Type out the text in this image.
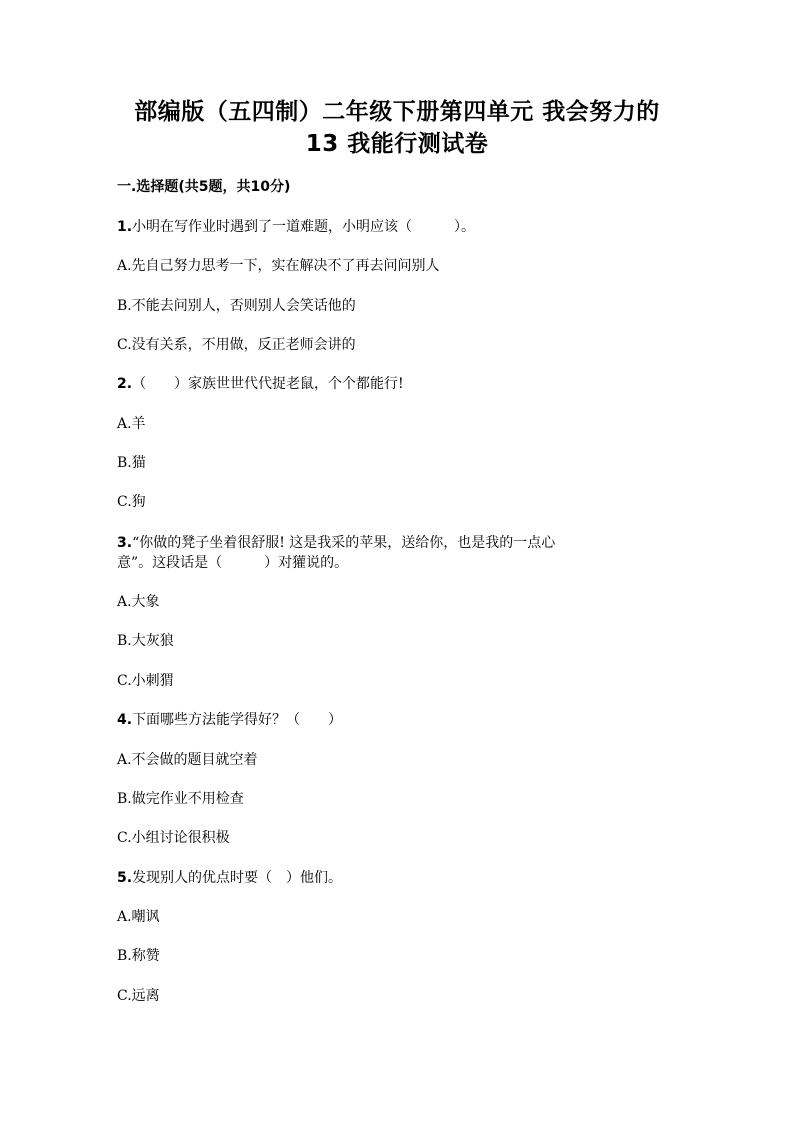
部编版（五四制）二年级下册第四单元 我会努力的
13 我能行测试卷
一.选择题(共5题，共10分)
1.小明在写作业时遇到了一道难题，小明应该（　　　）。
A.先自己努力思考一下，实在解决不了再去问问别人
B.不能去问别人，否则别人会笑话他的
C.没有关系，不用做，反正老师会讲的
2.（　　）家族世世代代捉老鼠，个个都能行!
A.羊
B.猫
C.狗
3.“你做的凳子坐着很舒服! 这是我采的苹果，送给你，也是我的一点心
意”。这段话是（　　　）对獾说的。
A.大象
B.大灰狼
C.小刺猬
4.下面哪些方法能学得好？（　　）
A.不会做的题目就空着
B.做完作业不用检查
C.小组讨论很积极
5.发现别人的优点时要（　）他们。
A.嘲讽
B.称赞
C.远离
